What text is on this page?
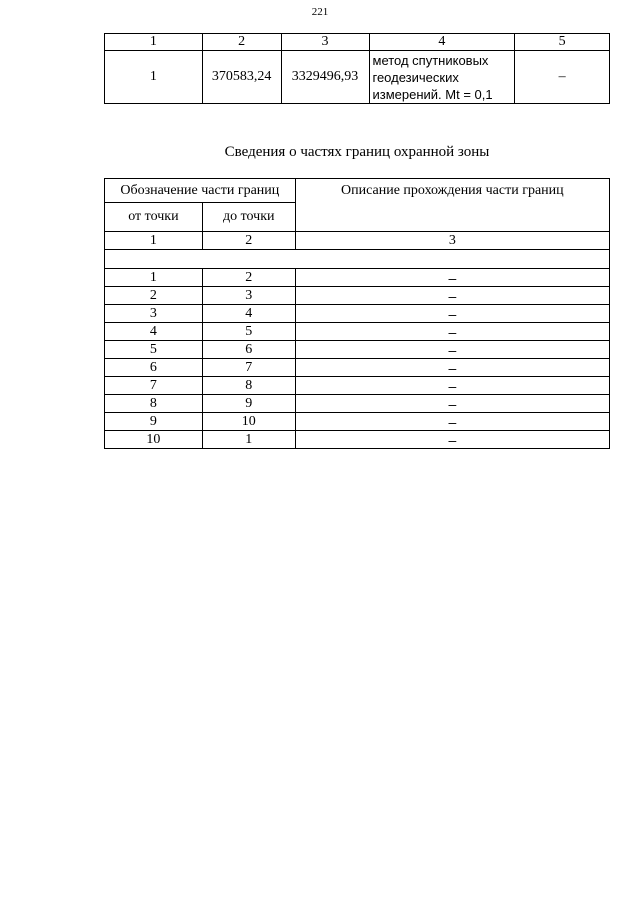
221
1	2	3	4	5
1	370583,24	3329496,93	метод спутниковых
геодезических
измерений. Mt = 0,1	–
Сведения о частях границ охранной зоны
Обозначение части границ		Описание прохождения части границ
от точки	до точки	
1	2	3

1	2	–
2	3	–
3	4	–
4	5	–
5	6	–
6	7	–
7	8	–
8	9	–
9	10	–
10	1	–
